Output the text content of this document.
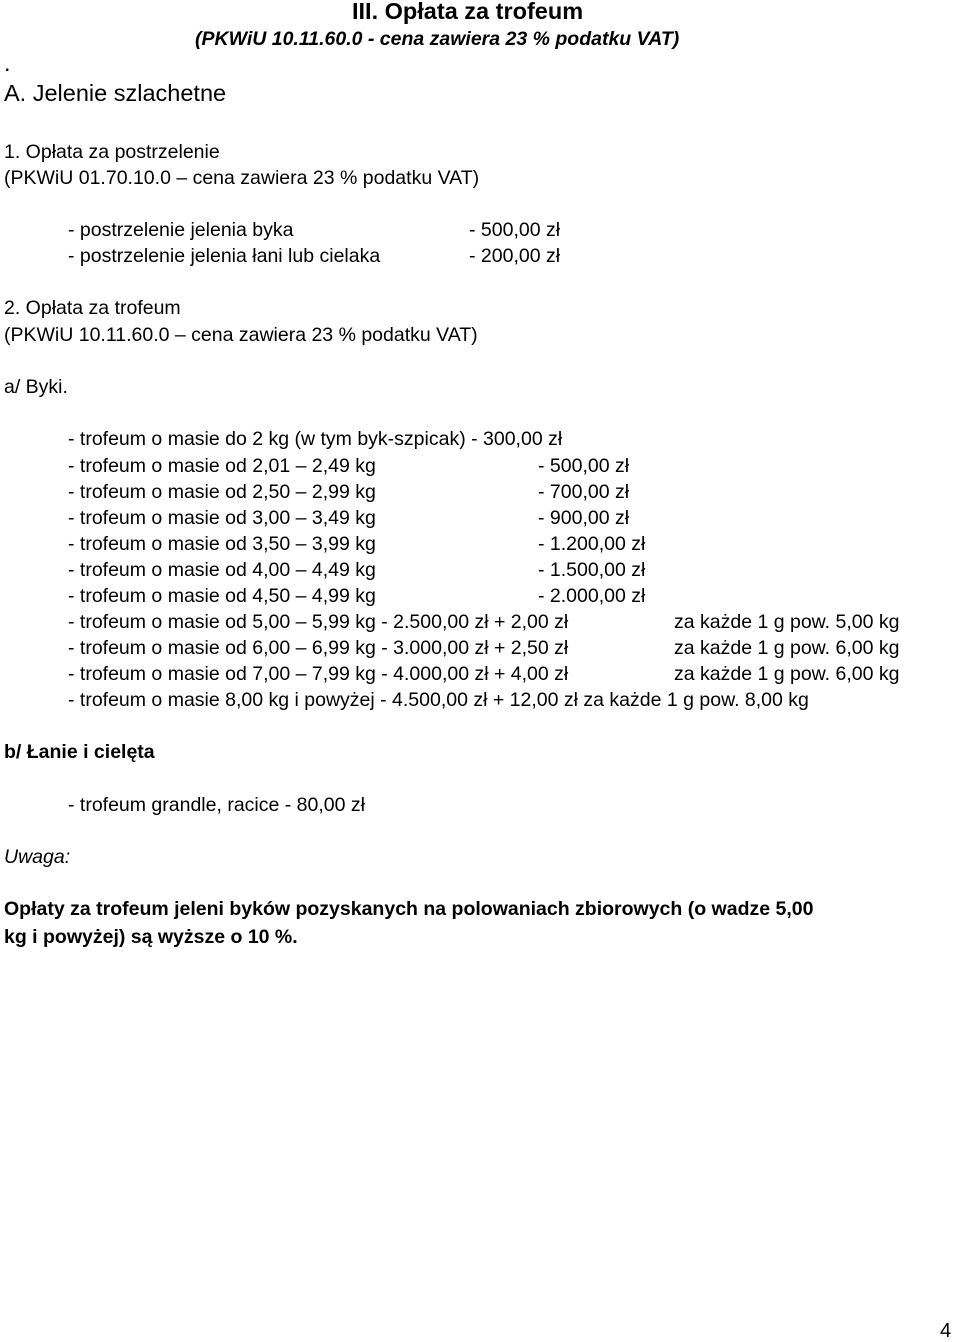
III. Opłata za trofeum
(PKWiU 10.11.60.0 - cena zawiera 23 % podatku VAT)
.
A. Jelenie szlachetne
1. Opłata za postrzelenie
(PKWiU 01.70.10.0 – cena zawiera 23 % podatku VAT)
- postrzelenie jelenia byka	- 500,00 zł
- postrzelenie jelenia łani lub cielaka	- 200,00 zł
2. Opłata za trofeum
(PKWiU 10.11.60.0 – cena zawiera 23 % podatku VAT)
a/ Byki.
- trofeum o masie do 2 kg (w tym byk-szpicak) - 300,00 zł
- trofeum o masie od 2,01 – 2,49 kg	- 500,00 zł
- trofeum o masie od 2,50 – 2,99 kg	- 700,00 zł
- trofeum o masie od 3,00 – 3,49 kg	- 900,00 zł
- trofeum o masie od 3,50 – 3,99 kg	- 1.200,00 zł
- trofeum o masie od 4,00 – 4,49 kg	- 1.500,00 zł
- trofeum o masie od 4,50 – 4,99 kg	- 2.000,00 zł
- trofeum o masie od 5,00 – 5,99 kg - 2.500,00 zł + 2,00 zł	za każde 1 g pow. 5,00 kg
- trofeum o masie od 6,00 – 6,99 kg - 3.000,00 zł + 2,50 zł	za każde 1 g pow. 6,00 kg
- trofeum o masie od 7,00 – 7,99 kg - 4.000,00 zł + 4,00 zł	za każde 1 g pow. 6,00 kg
- trofeum o masie 8,00 kg i powyżej - 4.500,00 zł + 12,00 zł za każde 1 g pow. 8,00 kg
b/ Łanie i cielęta
- trofeum grandle, racice - 80,00 zł
Uwaga:
Opłaty za trofeum jeleni byków pozyskanych na polowaniach zbiorowych (o wadze 5,00
kg i powyżej) są wyższe o 10 %.
4
